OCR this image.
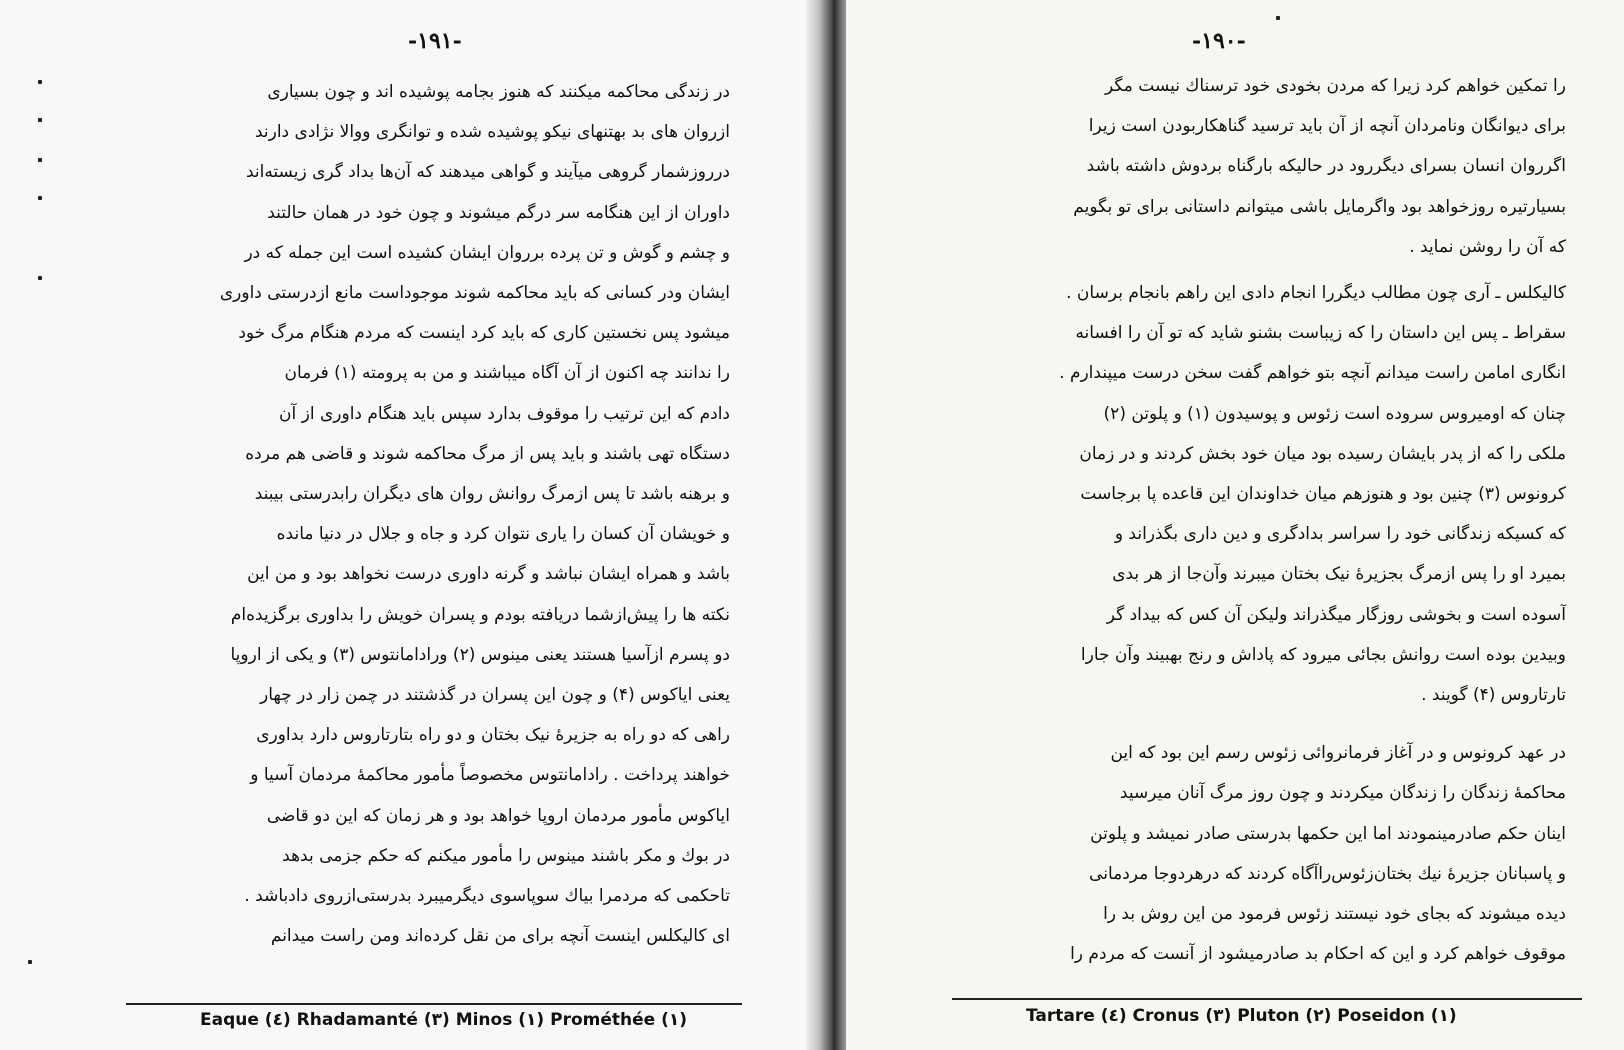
-۱۹۱-

در زندگی محاکمه میکنند که هنوز بجامه پوشیده اند و چون بسیاری

ازروان های بد بهتنهای نیکو پوشیده شده و توانگری ووالا نژادی دارند

درروزشمار گروهی میآیند و گواهی میدهند که آن‌ها بداد گری زیسته‌اند

داوران از این هنگامه سر درگم میشوند و چون خود در همان حالتند

و چشم و گوش و تن پرده برروان ایشان کشیده است این جمله که در

ایشان ودر کسانی که باید محاکمه شوند موجوداست مانع ازدرستی داوری

میشود پس نخستین کاری که باید کرد اینست که مردم هنگام مرگ خود

را ندانند چه اکنون از آن آگاه میباشند و من به پرومته (۱) فرمان

دادم که این ترتیب را موقوف بدارد سپس باید هنگام داوری از آن

دستگاه تهی باشند و باید پس از مرگ محاکمه شوند و قاضی هم مرده

و برهنه باشد تا پس ازمرگ روانش روان های دیگران رابدرستی بیبند

و خویشان آن کسان را یاری نتوان کرد و جاه و جلال در دنیا مانده

باشد و همراه ایشان نباشد و گرنه داوری درست نخواهد بود و من این

نکته ها را پیش‌ازشما دریافته بودم و پسران خویش را بداوری برگزیده‌ام

دو پسرم ازآسیا هستند یعنی مینوس (۲) ورادامانتوس (۳) و یکی از اروپا

یعنی ایاکوس (۴) و چون این پسران در گذشتند در چمن زار در چهار

راهی که دو راه به جزیرهٔ نیک بختان و دو راه بتارتاروس دارد بداوری

خواهند پرداخت . رادامانتوس مخصوصاً مأمور محاکمهٔ مردمان آسیا و

ایاکوس مأمور مردمان اروپا خواهد بود و هر زمان که این دو قاضی

در بوك و مکر باشند مینوس را مأمور میکنم که حکم جزمی بدهد

تاحکمی که مردمرا بیاك سوپاسوی دیگرمیبرد بدرستی‌ازروی دادباشد .

ای کالیکلس اینست آنچه برای من نقل کرده‌اند ومن راست میدانم

Eaque (٤) Rhadamanté (٣) Minos (١) Prométhée (١)
-۱۹۰-

را تمکین خواهم کرد زیرا که مردن بخودی خود ترسناك نیست مگر

برای دیوانگان ونامردان آنچه از آن باید ترسید گناهکاربودن است زیرا

اگرروان انسان بسرای دیگررود در حالیکه بارگناه بردوش داشته باشد

بسیارتیره روزخواهد بود واگرمایل باشی میتوانم داستانی برای تو بگویم

که آن را روشن نماید .

کالیکلس ـ آری چون مطالب دیگررا انجام دادی این راهم بانجام برسان .

سقراط ـ پس این داستان را که زیباست بشنو شاید که تو آن را افسانه

انگاری امامن راست میدانم آنچه بتو خواهم گفت سخن درست میپندارم .

چنان که اومیروس سروده است زئوس و پوسیدون (۱) و پلوتن (۲)

ملکی را که از پدر بایشان رسیده بود میان خود بخش کردند و در زمان

کرونوس (۳) چنین بود و هنوزهم میان خداوندان این قاعده پا برجاست

که کسیکه زندگانی خود را سراسر بدادگری و دین داری بگذراند و

بمیرد او را پس ازمرگ بجزیرهٔ نیک بختان میبرند وآن‌جا از هر بدی

آسوده است و بخوشی روزگار میگذراند ولیکن آن کس که بیداد گر

وبیدین بوده است روانش بجائی میرود که پاداش و رنج بهبیند وآن جارا

تارتاروس (۴) گویند .

در عهد کرونوس و در آغاز فرمانروائی زئوس رسم این بود که این

محاکمهٔ زندگان را زندگان میکردند و چون روز مرگ آنان میرسید

اینان حکم صادرمینمودند اما این حکمها بدرستی صادر نمیشد و پلوتن

و پاسبانان جزیرهٔ نیك بختان‌زئوس‌راآگاه کردند که درهردوجا مردمانی

دیده میشوند که بجای خود نیستند زئوس فرمود من این روش بد را

موقوف خواهم کرد و این که احکام بد صادرمیشود از آنست که مردم را

Tartare (٤) Cronus (٣) Pluton (٢) Poseidon (١)
